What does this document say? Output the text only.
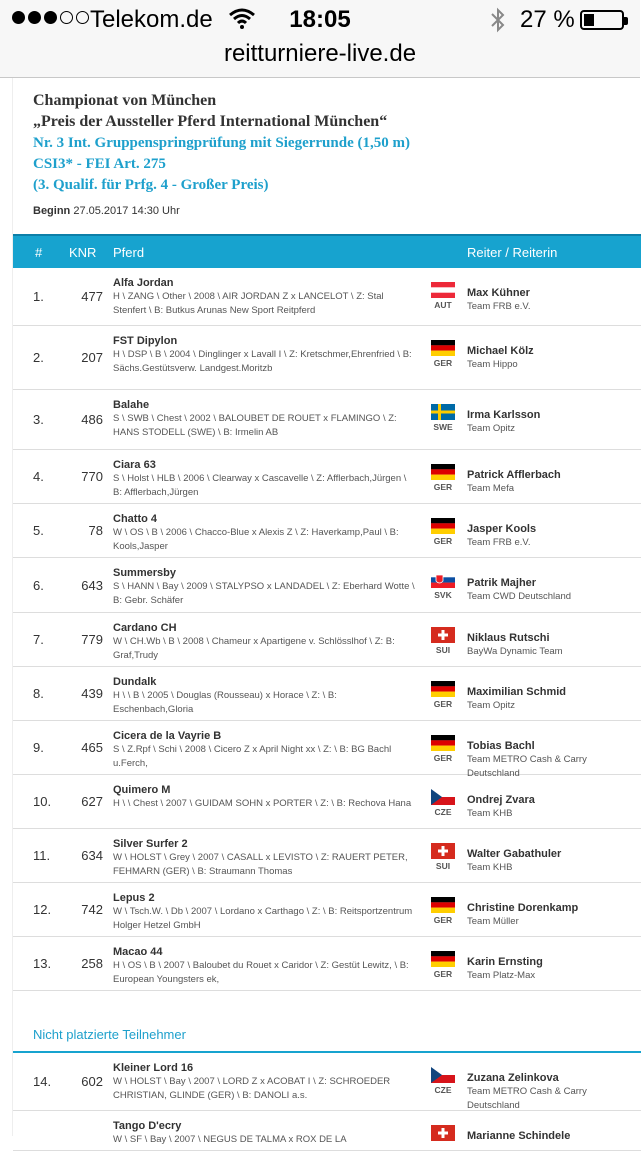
Telekom.de	18:05	27 %
reitturniere-live.de
Championat von München
„Preis der Aussteller Pferd International München“
Nr. 3 Int. Gruppenspringprüfung mit Siegerrunde (1,50 m)
CSI3* - FEI Art. 275
(3. Qualif. für Prfg. 4 - Großer Preis)
Beginn 27.05.2017 14:30 Uhr
# KNR Pferd	Reiter / Reiterin
1.	477
Alfa Jordan
H \ ZANG \ Other \ 2008 \ AIR JORDAN Z x LANCELOT \ Z: Stal Stenfert \ B: Butkus Arunas New Sport Reitpferd	AUT
Max Kühner
Team FRB e.V.
2.	207
FST Dipylon
H \ DSP \ B \ 2004 \ Dinglinger x Lavall I \ Z: Kretschmer,Ehrenfried \ B: Sächs.Gestütsverw. Landgest.Moritzb	GER
Michael Kölz
Team Hippo
3.	486
Balahe
S \ SWB \ Chest \ 2002 \ BALOUBET DE ROUET x FLAMINGO \ Z: HANS STODELL (SWE) \ B: Irmelin AB	SWE
Irma Karlsson
Team Opitz
4.	770
Ciara 63
S \ Holst \ HLB \ 2006 \ Clearway x Cascavelle \ Z: Afflerbach,Jürgen \ B: Afflerbach,Jürgen	GER
Patrick Afflerbach
Team Mefa
5.	78
Chatto 4
W \ OS \ B \ 2006 \ Chacco-Blue x Alexis Z \ Z: Haverkamp,Paul \ B: Kools,Jasper	GER
Jasper Kools
Team FRB e.V.
6.	643
Summersby
S \ HANN \ Bay \ 2009 \ STALYPSO x LANDADEL \ Z: Eberhard Wotte \ B: Gebr. Schäfer	SVK
Patrik Majher
Team CWD Deutschland
7.	779
Cardano CH
W \ CH.Wb \ B \ 2008 \ Chameur x Apartigene v. Schlösslhof \ Z: B: Graf,Trudy	SUI
Niklaus Rutschi
BayWa Dynamic Team
8.	439
Dundalk
H \ \ B \ 2005 \ Douglas (Rousseau) x Horace \ Z: \ B: Eschenbach,Gloria	GER
Maximilian Schmid
Team Opitz
9.	465
Cicera de la Vayrie B
S \ Z.Rpf \ Schi \ 2008 \ Cicero Z x April Night xx \ Z: \ B: BG Bachl u.Ferch,	GER
Tobias Bachl
Team METRO Cash & Carry Deutschland
10.	627
Quimero M
H \ \ Chest \ 2007 \ GUIDAM SOHN x PORTER \ Z: \ B: Rechova Hana
CZE
Ondrej Zvara
Team KHB
11.	634
Silver Surfer 2
W \ HOLST \ Grey \ 2007 \ CASALL x LEVISTO \ Z: RAUERT PETER, FEHMARN (GER) \ B: Straumann Thomas	SUI
Walter Gabathuler
Team KHB
12.	742
Lepus 2
W \ Tsch.W. \ Db \ 2007 \ Lordano x Carthago \ Z: \ B: Reitsportzentrum Holger Hetzel GmbH	GER
Christine Dorenkamp
Team Müller
13.	258
Macao 44
H \ OS \ B \ 2007 \ Baloubet du Rouet x Caridor \ Z: Gestüt Lewitz, \ B: European Youngsters ek,	GER
Karin Ernsting
Team Platz-Max
Nicht platzierte Teilnehmer
14.	602
Kleiner Lord 16
W \ HOLST \ Bay \ 2007 \ LORD Z x ACOBAT I \ Z: SCHROEDER CHRISTIAN, GLINDE (GER) \ B: DANOLI a.s.	CZE
Zuzana Zelinkova
Team METRO Cash & Carry Deutschland
Tango D'ecry
W \ SF \ Bay \ 2007 \ NEGUS DE TALMA x ROX DE LA	Marianne Schindele
